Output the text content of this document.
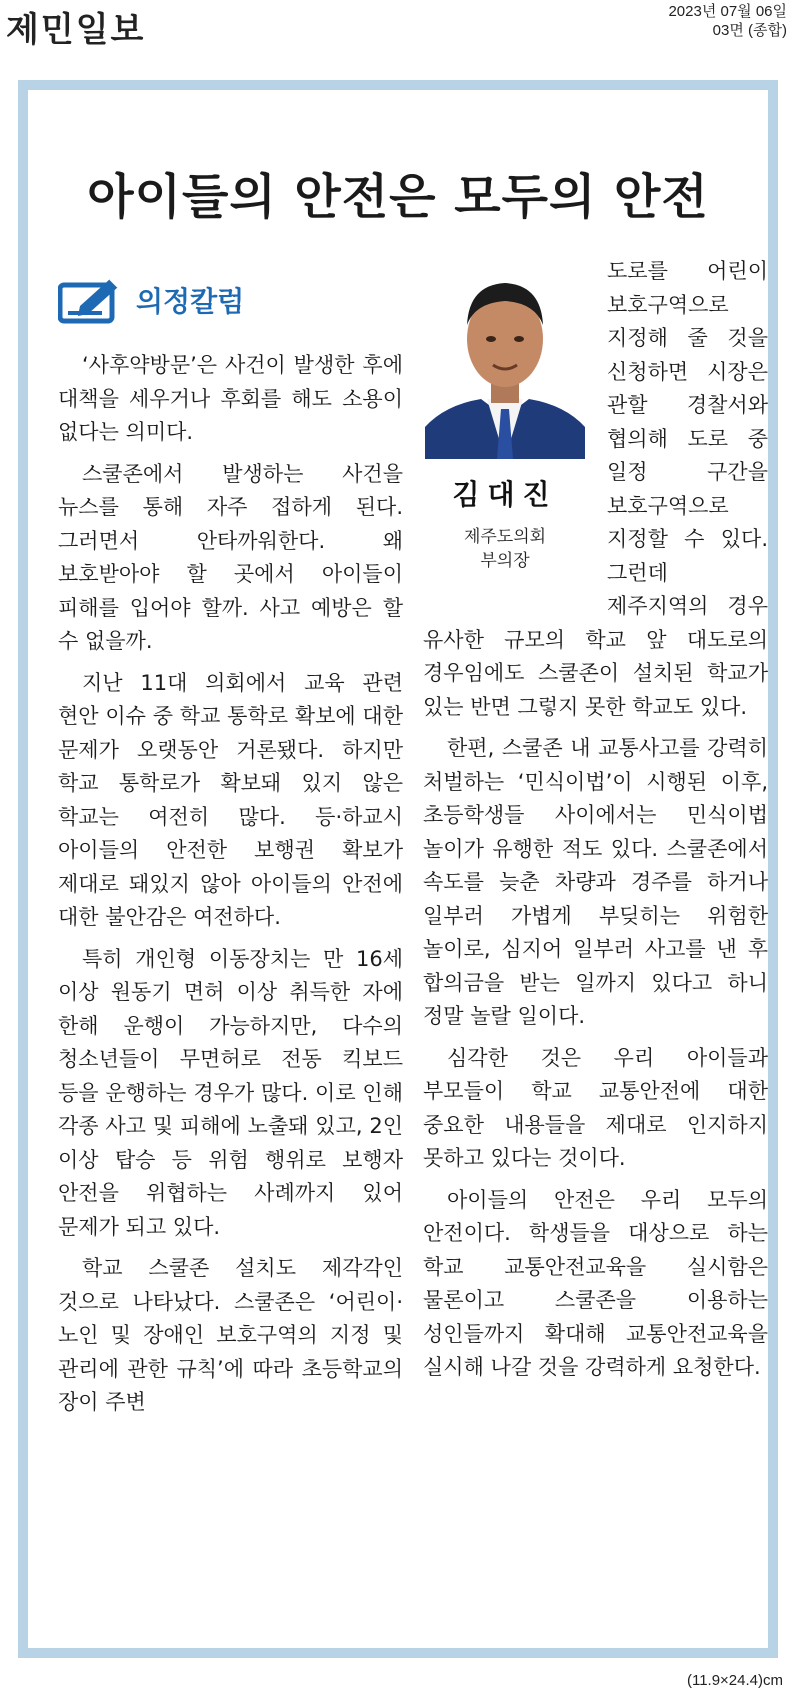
제민일보	2023년 07월 06일
03면 (종합)
아이들의 안전은 모두의 안전
의정칼럼

‘사후약방문’은 사건이 발생한 후에 대책을 세우거나 후회를 해도 소용이 없다는 의미다.

스쿨존에서 발생하는 사건을 뉴스를 통해 자주 접하게 된다. 그러면서 안타까워한다. 왜 보호받아야 할 곳에서 아이들이 피해를 입어야 할까. 사고 예방은 할 수 없을까.

지난 11대 의회에서 교육 관련 현안 이슈 중 학교 통학로 확보에 대한 문제가 오랫동안 거론됐다. 하지만 학교 통학로가 확보돼 있지 않은 학교는 여전히 많다. 등·하교시 아이들의 안전한 보행권 확보가 제대로 돼있지 않아 아이들의 안전에 대한 불안감은 여전하다.

특히 개인형 이동장치는 만 16세 이상 원동기 면허 이상 취득한 자에 한해 운행이 가능하지만, 다수의 청소년들이 무면허로 전동 킥보드 등을 운행하는 경우가 많다. 이로 인해 각종 사고 및 피해에 노출돼 있고, 2인 이상 탑승 등 위험 행위로 보행자 안전을 위협하는 사례까지 있어 문제가 되고 있다.

학교 스쿨존 설치도 제각각인 것으로 나타났다. 스쿨존은 ‘어린이·노인 및 장애인 보호구역의 지정 및 관리에 관한 규칙’에 따라 초등학교의 장이 주변

김대진
제주도의회
부의장

도로를 어린이 보호구역으로 지정해 줄 것을 신청하면 시장은 관할 경찰서와 협의해 도로 중 일정 구간을 보호구역으로 지정할 수 있다. 그런데 제주지역의 경우 유사한 규모의 학교 앞 대도로의 경우임에도 스쿨존이 설치된 학교가 있는 반면 그렇지 못한 학교도 있다.

한편, 스쿨존 내 교통사고를 강력히 처벌하는 ‘민식이법’이 시행된 이후, 초등학생들 사이에서는 민식이법 놀이가 유행한 적도 있다. 스쿨존에서 속도를 늦춘 차량과 경주를 하거나 일부러 가볍게 부딪히는 위험한 놀이로, 심지어 일부러 사고를 낸 후 합의금을 받는 일까지 있다고 하니 정말 놀랄 일이다.

심각한 것은 우리 아이들과 부모들이 학교 교통안전에 대한 중요한 내용들을 제대로 인지하지 못하고 있다는 것이다.

아이들의 안전은 우리 모두의 안전이다. 학생들을 대상으로 하는 학교 교통안전교육을 실시함은 물론이고 스쿨존을 이용하는 성인들까지 확대해 교통안전교육을 실시해 나갈 것을 강력하게 요청한다.

(11.9×24.4)cm
